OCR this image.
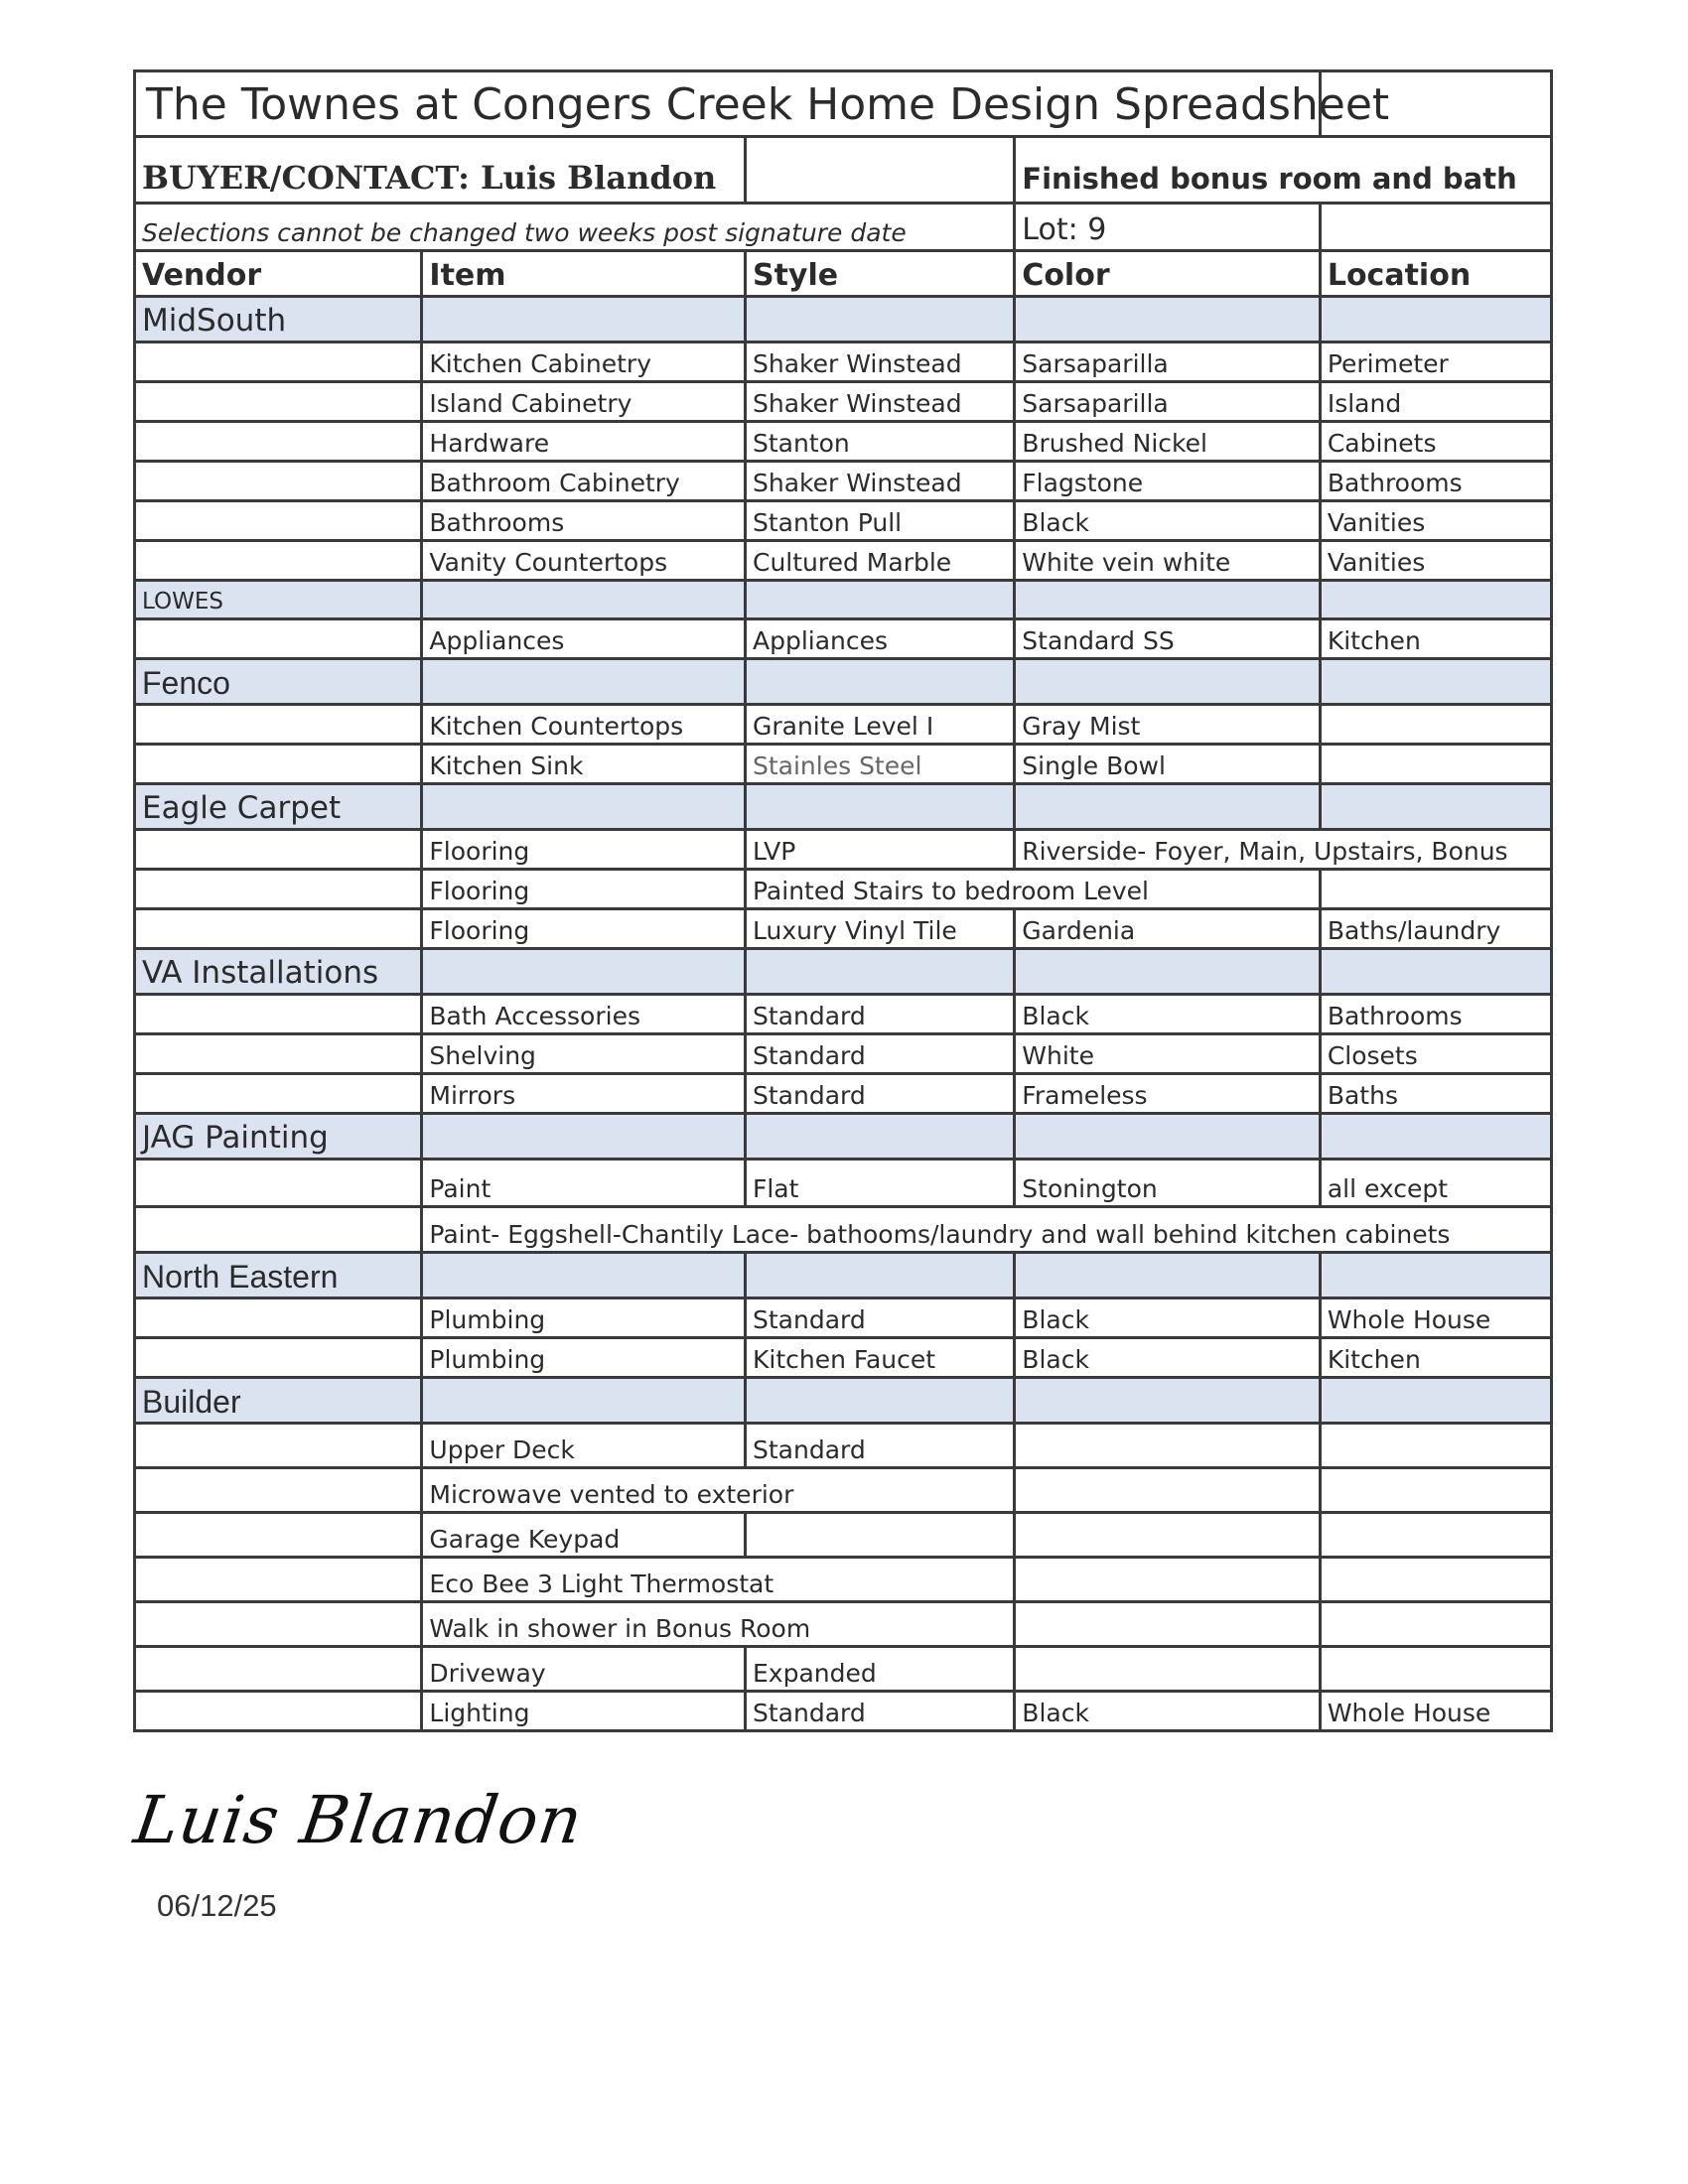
The Townes at Congers Creek Home Design Spreadsheet				
BUYER/CONTACT: Luis Blandon			Finished bonus room and bath	
Selections cannot be changed two weeks post signature date			Lot: 9	
Vendor	Item	Style	Color	Location
MidSouth				
	Kitchen Cabinetry	Shaker Winstead	Sarsaparilla	Perimeter
	Island Cabinetry	Shaker Winstead	Sarsaparilla	Island
	Hardware	Stanton	Brushed Nickel	Cabinets
	Bathroom Cabinetry	Shaker Winstead	Flagstone	Bathrooms
	Bathrooms	Stanton Pull	Black	Vanities
	Vanity Countertops	Cultured Marble	White vein white	Vanities
LOWES				
	Appliances	Appliances	Standard SS	Kitchen
Fenco				
	Kitchen Countertops	Granite Level I	Gray Mist	
	Kitchen Sink	Stainles Steel	Single Bowl	
Eagle Carpet				
	Flooring	LVP	Riverside- Foyer, Main, Upstairs, Bonus	
	Flooring	Painted Stairs to bedroom Level		
	Flooring	Luxury Vinyl Tile	Gardenia	Baths/laundry
VA Installations				
	Bath Accessories	Standard	Black	Bathrooms
	Shelving	Standard	White	Closets
	Mirrors	Standard	Frameless	Baths
JAG Painting				
	Paint	Flat	Stonington	all except
	Paint- Eggshell-Chantily Lace- bathooms/laundry and wall behind kitchen cabinets			
North Eastern				
	Plumbing	Standard	Black	Whole House
	Plumbing	Kitchen Faucet	Black	Kitchen
Builder				
	Upper Deck	Standard		
	Microwave vented to exterior			
	Garage Keypad			
	Eco Bee 3 Light Thermostat			
	Walk in shower in Bonus Room			
	Driveway	Expanded		
	Lighting	Standard	Black	Whole House
Luis Blandon
06/12/25
